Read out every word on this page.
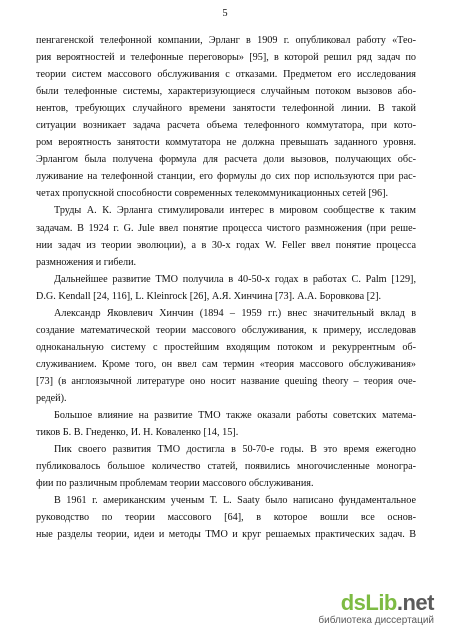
5
пенгагенской телефонной компании, Эрланг в 1909 г. опубликовал работу «Тео-
рия вероятностей и телефонные переговоры» [95], в которой решил ряд задач по
теории систем массового обслуживания с отказами. Предметом его исследования
были телефонные системы, характеризующиеся случайным потоком вызовов або-
нентов, требующих случайного времени занятости телефонной линии. В такой
ситуации возникает задача расчета объема телефонного коммутатора, при кото-
ром вероятность занятости коммутатора не должна превышать заданного уровня.
Эрлангом была получена формула для расчета доли вызовов, получающих обс-
луживание на телефонной станции, его формулы до сих пор используются при рас-
четах пропускной способности современных телекоммуникационных сетей [96].
Труды А. К. Эрланга стимулировали интерес в мировом сообществе к таким
задачам. В 1924 г. G. Jule ввел понятие процесса чистого размножения (при реше-
нии задач из теории эволюции), а в 30-х годах W. Feller ввел понятие процесса
размножения и гибели.
Дальнейшее развитие ТМО получила в 40-50-х годах в работах C. Palm [129],
D.G. Kendall [24, 116], L. Kleinrock [26], А.Я. Хинчина [73]. А.А. Боровкова [2].
Александр Яковлевич Хинчин (1894 – 1959 гг.) внес значительный вклад в
создание математической теории массового обслуживания, к примеру, исследовав
одноканальную систему с простейшим входящим потоком и рекуррентным об-
служиванием. Кроме того, он ввел сам термин «теория массового обслуживания»
[73] (в англоязычной литературе оно носит название queuing theory – теория оче-
редей).
Большое влияние на развитие ТМО также оказали работы советских матема-
тиков Б. В. Гнеденко, И. Н. Коваленко [14, 15].
Пик своего развития ТМО достигла в 50-70-е годы. В это время ежегодно
публиковалось большое количество статей, появились многочисленные моногра-
фии по различным проблемам теории массового обслуживания.
В 1961 г. американским ученым Т. L. Saaty было написано фундаментальное
руководство по теории массового [64], в которое вошли все основ-
ные разделы теории, идеи и методы ТМО и круг решаемых практических задач. В
dsLib.net
библиотека диссертаций
